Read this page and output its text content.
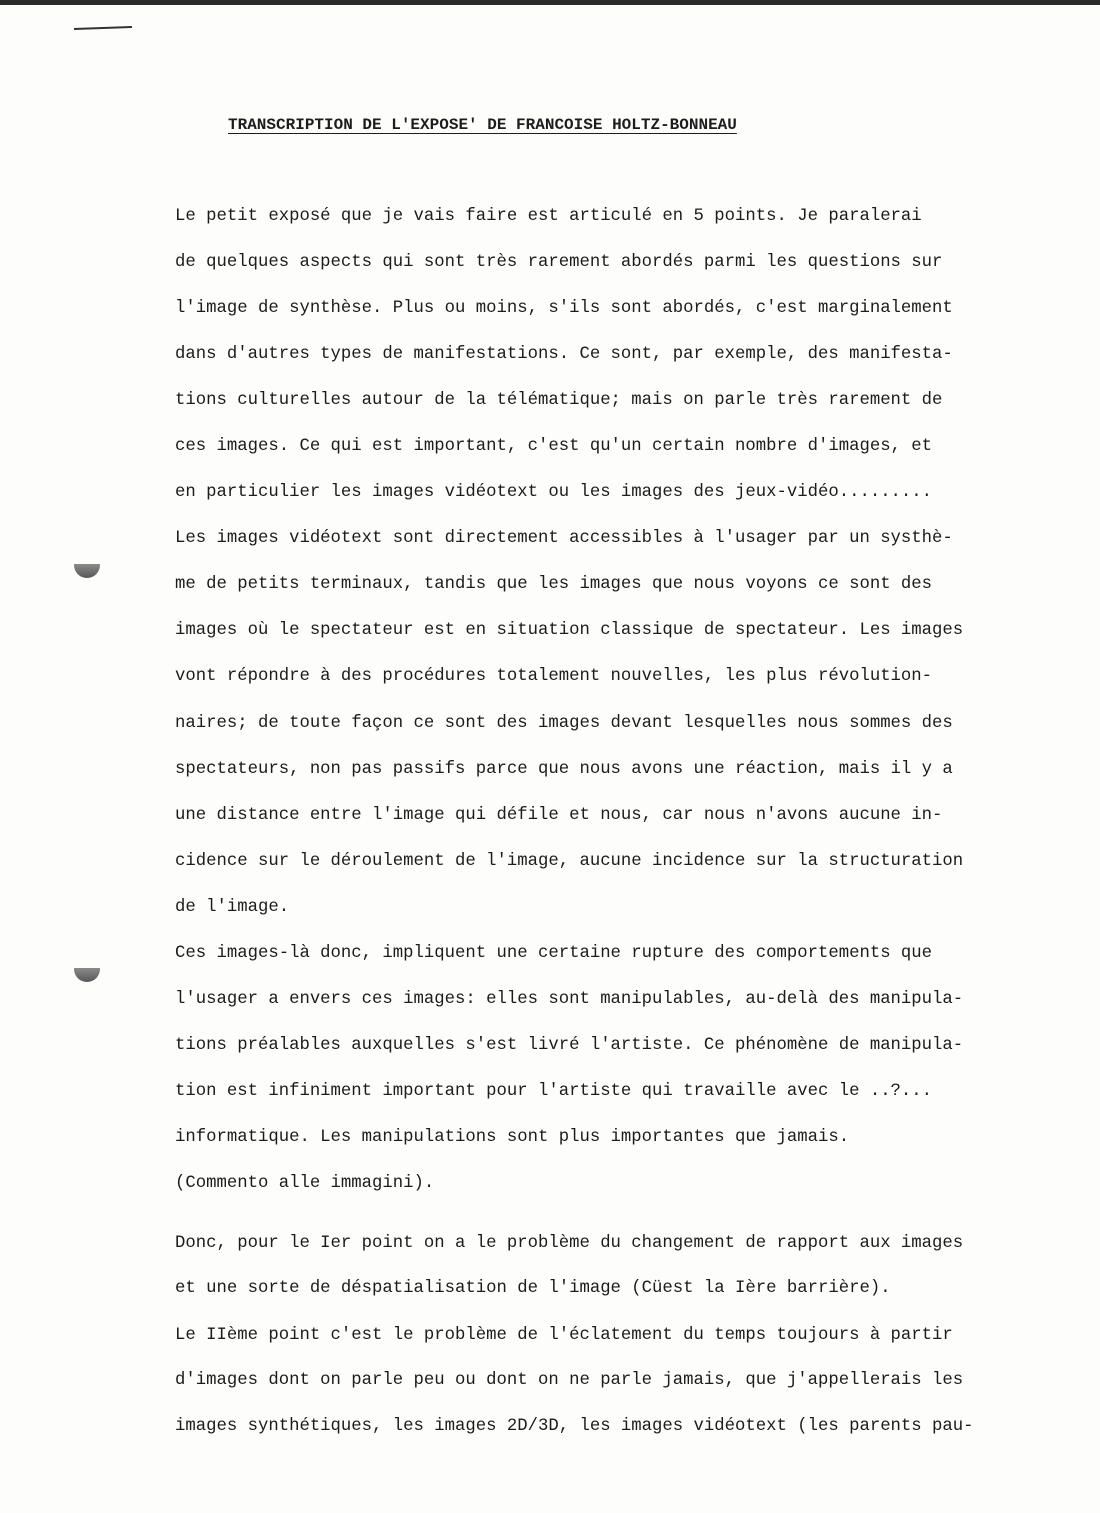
TRANSCRIPTION DE L'EXPOSE' DE FRANCOISE HOLTZ-BONNEAU

Le petit exposé que je vais faire est articulé en 5 points. Je paralerai

de quelques aspects qui sont très rarement abordés parmi les questions sur

l'image de synthèse. Plus ou moins, s'ils sont abordés, c'est marginalement

dans d'autres types de manifestations. Ce sont, par exemple, des manifesta-

tions culturelles autour de la télématique; mais on parle très rarement de

ces images. Ce qui est important, c'est qu'un certain nombre d'images, et

en particulier les images vidéotext ou les images des jeux-vidéo.........

Les images vidéotext sont directement accessibles à l'usager par un systhè-

me de petits terminaux, tandis que les images que nous voyons ce sont des

images où le spectateur est en situation classique de spectateur. Les images

vont répondre à des procédures totalement nouvelles, les plus révolution-

naires; de toute façon ce sont des images devant lesquelles nous sommes des

spectateurs, non pas passifs parce que nous avons une réaction, mais il y a

une distance entre l'image qui défile et nous, car nous n'avons aucune in-

cidence sur le déroulement de l'image, aucune incidence sur la structuration

de l'image.

Ces images-là donc, impliquent une certaine rupture des comportements que

l'usager a envers ces images: elles sont manipulables, au-delà des manipula-

tions préalables auxquelles s'est livré l'artiste. Ce phénomène de manipula-

tion est infiniment important pour l'artiste qui travaille avec le ..?...

informatique. Les manipulations sont plus importantes que jamais.

(Commento alle immagini).

Donc, pour le Ier point on a le problème du changement de rapport aux images

et une sorte de déspatialisation de l'image (Cüest la Ière barrière).

Le IIème point c'est le problème de l'éclatement du temps toujours à partir

d'images dont on parle peu ou dont on ne parle jamais, que j'appellerais les

images synthétiques, les images 2D/3D, les images vidéotext (les parents pau-
